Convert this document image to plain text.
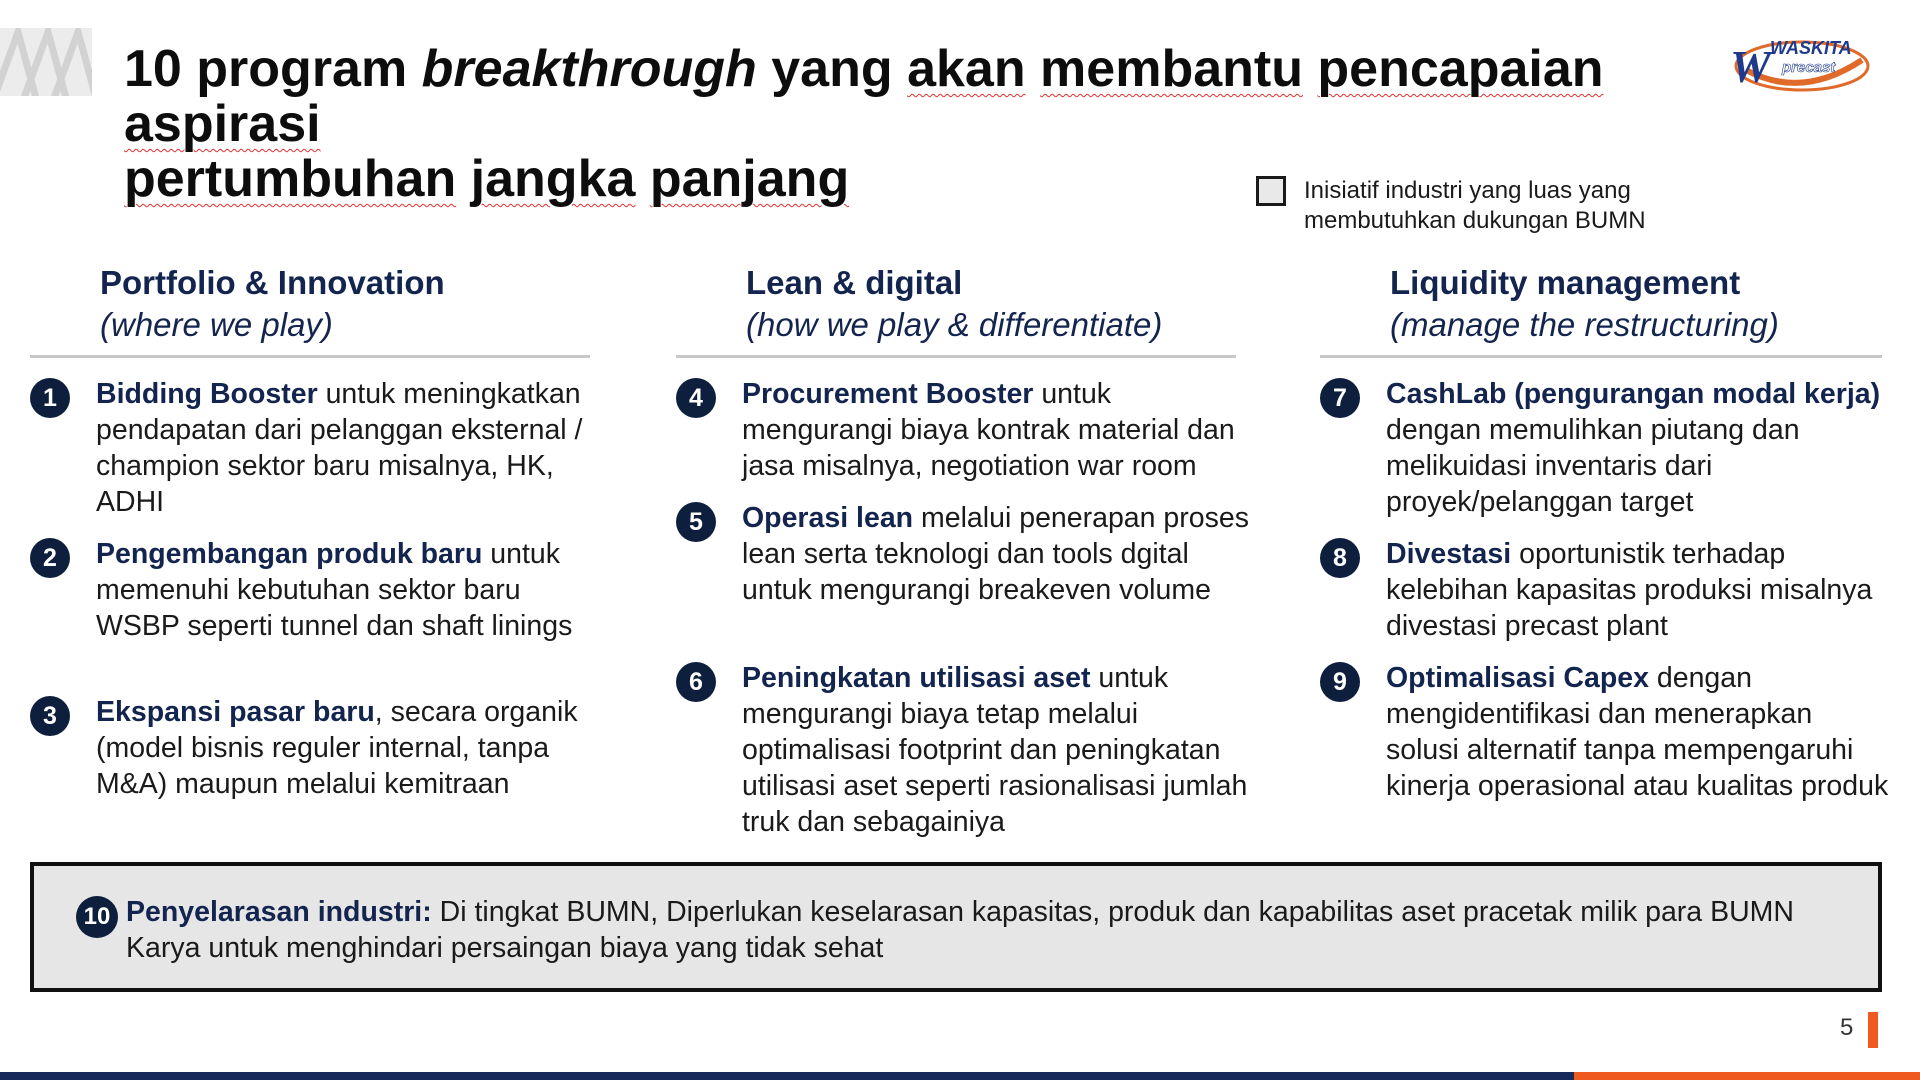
10 program breakthrough yang akan membantu pencapaian aspirasi
pertumbuhan jangka panjang
W WASKITA
precast
Inisiatif industri yang luas yang membutuhkan dukungan BUMN
Portfolio & Innovation
(where we play)
1	Bidding Booster untuk meningkatkan pendapatan dari pelanggan eksternal / champion sektor baru misalnya, HK, ADHI
2	Pengembangan produk baru untuk memenuhi kebutuhan sektor baru WSBP seperti tunnel dan shaft linings
3	Ekspansi pasar baru, secara organik (model bisnis reguler internal, tanpa M&A) maupun melalui kemitraan
Lean & digital
(how we play & differentiate)
4	Procurement Booster untuk mengurangi biaya kontrak material dan jasa misalnya, negotiation war room
5	Operasi lean melalui penerapan proses lean serta teknologi dan tools dgital untuk mengurangi breakeven volume
6	Peningkatan utilisasi aset untuk mengurangi biaya tetap melalui optimalisasi footprint dan peningkatan utilisasi aset seperti rasionalisasi jumlah truk dan sebagainiya
Liquidity management
(manage the restructuring)
7	CashLab (pengurangan modal kerja) dengan memulihkan piutang dan melikuidasi inventaris dari proyek/pelanggan target
8	Divestasi oportunistik terhadap kelebihan kapasitas produksi misalnya divestasi precast plant
9	Optimalisasi Capex dengan mengidentifikasi dan menerapkan solusi alternatif tanpa mempengaruhi kinerja operasional atau kualitas produk
10 Penyelarasan industri: Di tingkat BUMN, Diperlukan keselarasan kapasitas, produk dan kapabilitas aset pracetak milik para BUMN Karya untuk menghindari persaingan biaya yang tidak sehat
5
